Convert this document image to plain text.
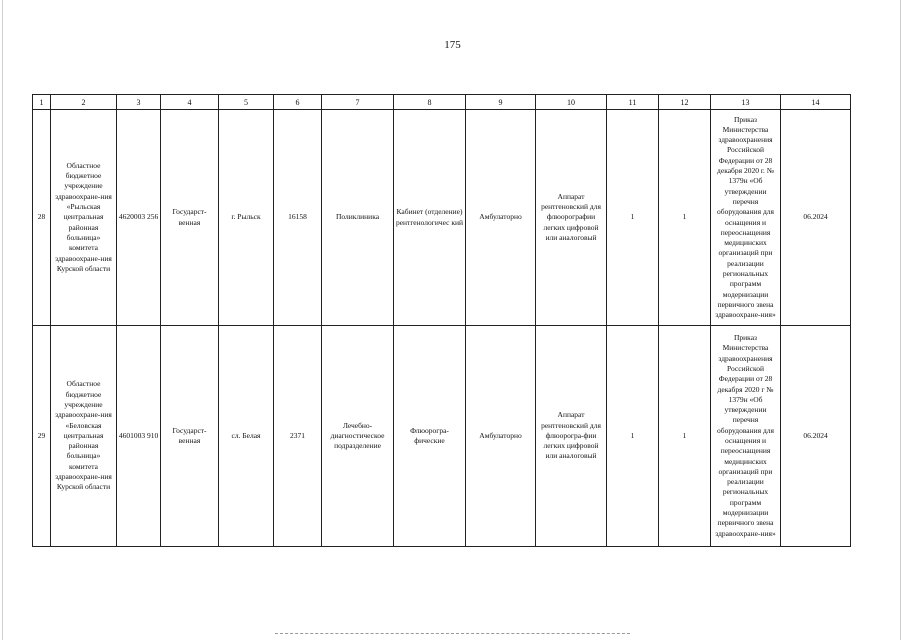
175
1	2	3	4	5	6	7	8	9	10	11	12	13	14
28	Областное бюджетное учреждение здравоохране-ния «Рыльская центральная районная больница» комитета здравоохране-ния Курской области	4620003 256	Государст-венная	г. Рыльск	16158	Поликлиника	Кабинет (отделение) рентгенологичес кий	Амбулаторно	Аппарат рентгеновский для флюорографии легких цифровой или аналоговый	1	1	Приказ Министерства здравоохранения Российской Федерации от 28 декабря 2020 г. № 1379н «Об утверждении перечня оборудования для оснащения и переоснащения медицинских организаций при реализации региональных программ модернизации первичного звена здравоохране-ния»	06.2024
29	Областное бюджетное учреждение здравоохране-ния «Беловская центральная районная больница» комитета здравоохране-ния Курской области	4601003 910	Государст-венная	сл. Белая	2371	Лечебно-диагностическое подразделение	Флюорогра-фические	Амбулаторно	Аппарат рентгеновский для флюорогра-фии легких цифровой или аналоговый	1	1	Приказ Министерства здравоохранения Российской Федерации от 28 декабря 2020 г № 1379н «Об утверждении перечня оборудования для оснащения и переоснащения медицинских организаций при реализации региональных программ модернизации первичного звена здравоохране-ния»	06.2024
